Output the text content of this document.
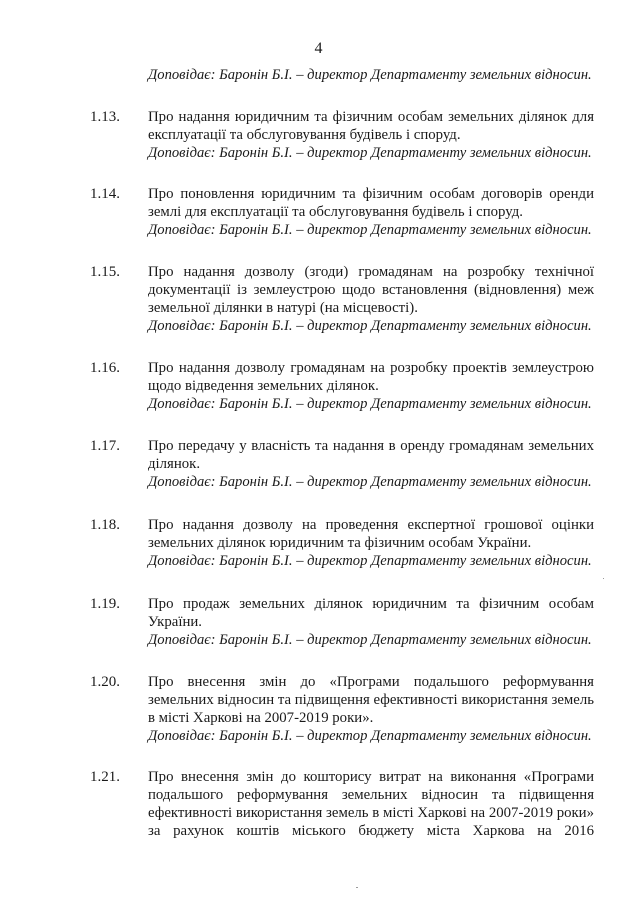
4
Доповідає: Баронін Б.І. – директор Департаменту земельних відносин.
1.13. Про надання юридичним та фізичним особам земельних ділянок для експлуатації та обслуговування будівель і споруд.
Доповідає: Баронін Б.І. – директор Департаменту земельних відносин.
1.14. Про поновлення юридичним та фізичним особам договорів оренди землі для експлуатації та обслуговування будівель і споруд.
Доповідає: Баронін Б.І. – директор Департаменту земельних відносин.
1.15. Про надання дозволу (згоди) громадянам на розробку технічної документації із землеустрою щодо встановлення (відновлення) меж земельної ділянки в натурі (на місцевості).
Доповідає: Баронін Б.І. – директор Департаменту земельних відносин.
1.16. Про надання дозволу громадянам на розробку проектів землеустрою щодо відведення земельних ділянок.
Доповідає: Баронін Б.І. – директор Департаменту земельних відносин.
1.17. Про передачу у власність та надання в оренду громадянам земельних ділянок.
Доповідає: Баронін Б.І. – директор Департаменту земельних відносин.
1.18. Про надання дозволу на проведення експертної грошової оцінки земельних ділянок юридичним та фізичним особам України.
Доповідає: Баронін Б.І. – директор Департаменту земельних відносин.
1.19. Про продаж земельних ділянок юридичним та фізичним особам України.
Доповідає: Баронін Б.І. – директор Департаменту земельних відносин.
1.20. Про внесення змін до «Програми подальшого реформування земельних відносин та підвищення ефективності використання земель в місті Харкові на 2007-2019 роки».
Доповідає: Баронін Б.І. – директор Департаменту земельних відносин.
1.21. Про внесення змін до кошторису витрат на виконання «Програми подальшого реформування земельних відносин та підвищення ефективності використання земель в місті Харкові на 2007-2019 роки» за рахунок коштів міського бюджету міста Харкова на 2016
